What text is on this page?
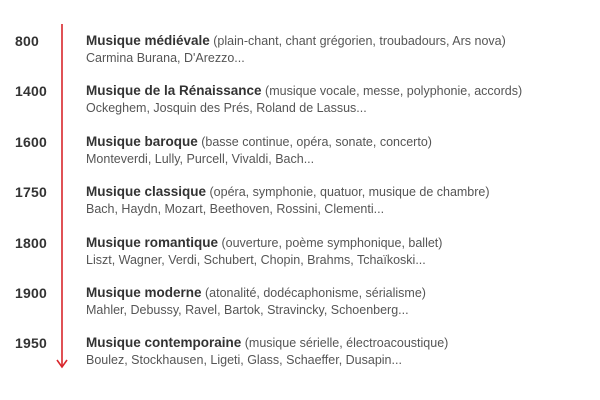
800	Musique médiévale (plain-chant, chant grégorien, troubadours, Ars nova)
Carmina Burana, D'Arezzo...
1400	Musique de la Rénaissance (musique vocale, messe, polyphonie, accords)
Ockeghem, Josquin des Prés, Roland de Lassus...
1600	Musique baroque (basse continue, opéra, sonate, concerto)
Monteverdi, Lully, Purcell, Vivaldi, Bach...
1750	Musique classique (opéra, symphonie, quatuor, musique de chambre)
Bach, Haydn, Mozart, Beethoven, Rossini, Clementi...
1800	Musique romantique (ouverture, poème symphonique, ballet)
Liszt, Wagner, Verdi, Schubert, Chopin, Brahms, Tchaïkoski...
1900	Musique moderne (atonalité, dodécaphonisme, sérialisme)
Mahler, Debussy, Ravel, Bartok, Stravincky, Schoenberg...
1950	Musique contemporaine (musique sérielle, électroacoustique)
Boulez, Stockhausen, Ligeti, Glass, Schaeffer, Dusapin...
